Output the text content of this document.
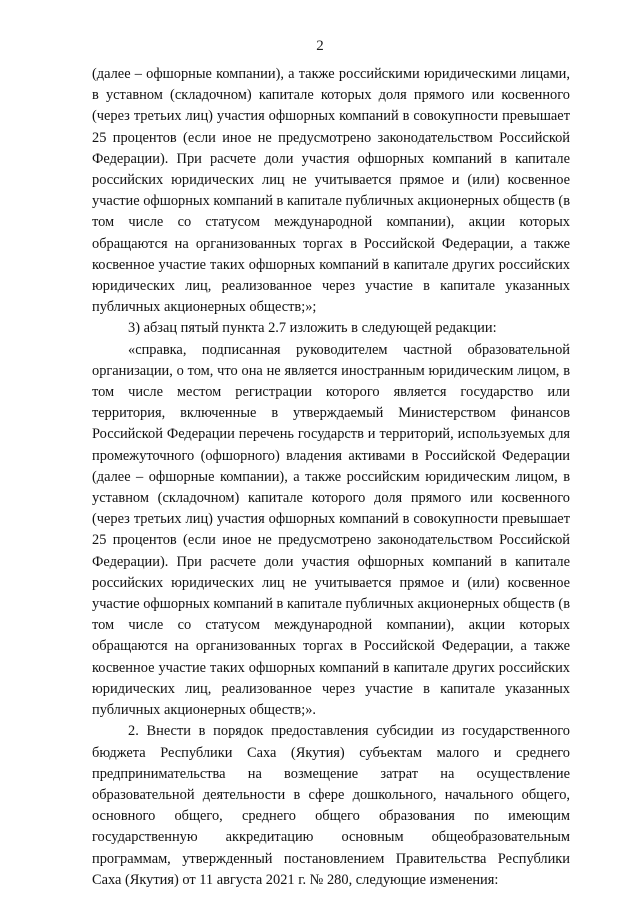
2

(далее – офшорные компании), а также российскими юридическими лицами, в уставном (складочном) капитале которых доля прямого или косвенного (через третьих лиц) участия офшорных компаний в совокупности превышает 25 процентов (если иное не предусмотрено законодательством Российской Федерации). При расчете доли участия офшорных компаний в капитале российских юридических лиц не учитывается прямое и (или) косвенное участие офшорных компаний в капитале публичных акционерных обществ (в том числе со статусом международной компании), акции которых обращаются на организованных торгах в Российской Федерации, а также косвенное участие таких офшорных компаний в капитале других российских юридических лиц, реализованное через участие в капитале указанных публичных акционерных обществ;»;

3) абзац пятый пункта 2.7 изложить в следующей редакции:

«справка, подписанная руководителем частной образовательной организации, о том, что она не является иностранным юридическим лицом, в том числе местом регистрации которого является государство или территория, включенные в утверждаемый Министерством финансов Российской Федерации перечень государств и территорий, используемых для промежуточного (офшорного) владения активами в Российской Федерации (далее – офшорные компании), а также российским юридическим лицом, в уставном (складочном) капитале которого доля прямого или косвенного (через третьих лиц) участия офшорных компаний в совокупности превышает 25 процентов (если иное не предусмотрено законодательством Российской Федерации). При расчете доли участия офшорных компаний в капитале российских юридических лиц не учитывается прямое и (или) косвенное участие офшорных компаний в капитале публичных акционерных обществ (в том числе со статусом международной компании), акции которых обращаются на организованных торгах в Российской Федерации, а также косвенное участие таких офшорных компаний в капитале других российских юридических лиц, реализованное через участие в капитале указанных публичных акционерных обществ;».

2. Внести в порядок предоставления субсидии из государственного бюджета Республики Саха (Якутия) субъектам малого и среднего предпринимательства на возмещение затрат на осуществление образовательной деятельности в сфере дошкольного, начального общего, основного общего, среднего общего образования по имеющим государственную аккредитацию основным общеобразовательным программам, утвержденный постановлением Правительства Республики Саха (Якутия) от 11 августа 2021 г. № 280, следующие изменения:
